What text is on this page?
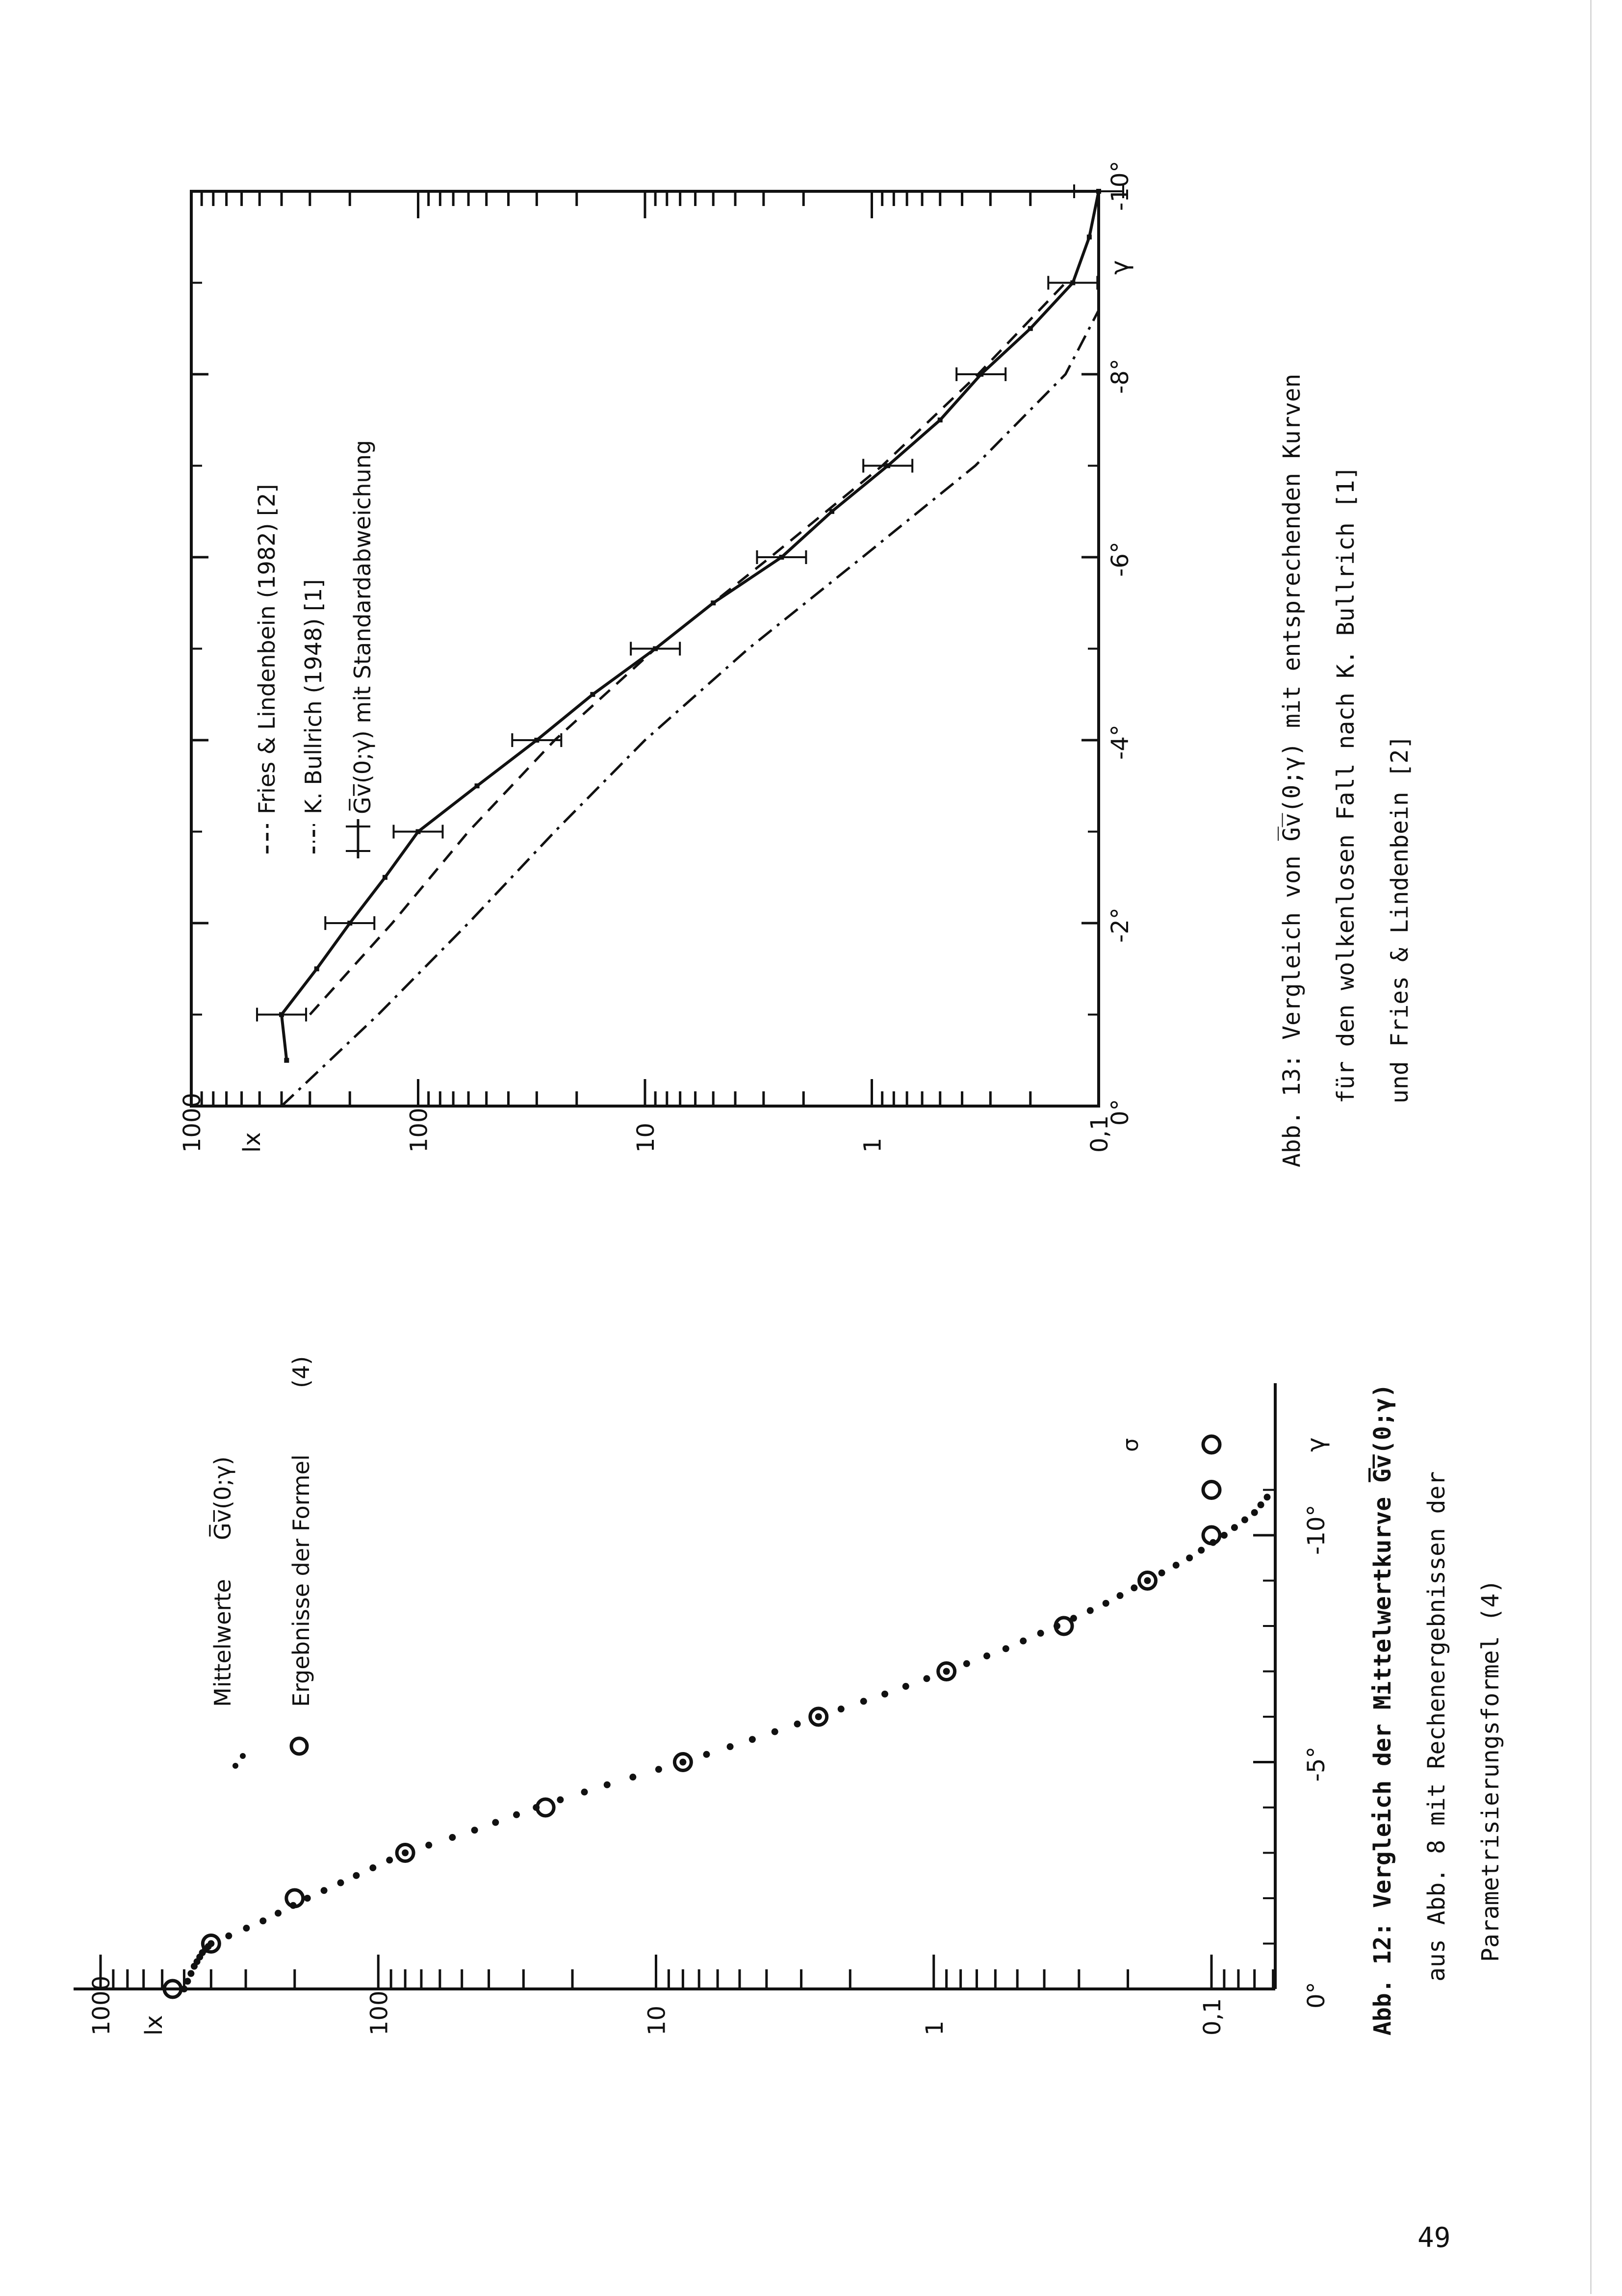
1000	100	10	1	0,1
lx
0°
-5°
-10°
γ
Mittelwerte
G̅v̅(0;γ) Ergebnisse der Formel
(4)
σ	Abb. 12: Vergleich der Mittelwertkurve G̅v̅(0;γ) aus Abb. 8 mit Rechenergebnissen der Parametrisierungsformel (4)
1000	100	10	1	0,1
lx
0°
-2°
-4°
-6°
-8°
-10°
γ
Fries & Lindenbein (1982) [2] K. Bullrich (1948) [1] G̅v̅(0;γ) mit Standardabweichung	Abb. 13: Vergleich von G̅v̅(0;γ) mit entsprechenden Kurven für den wolkenlosen Fall nach K. Bullrich [1] und Fries & Lindenbein [2]
49
